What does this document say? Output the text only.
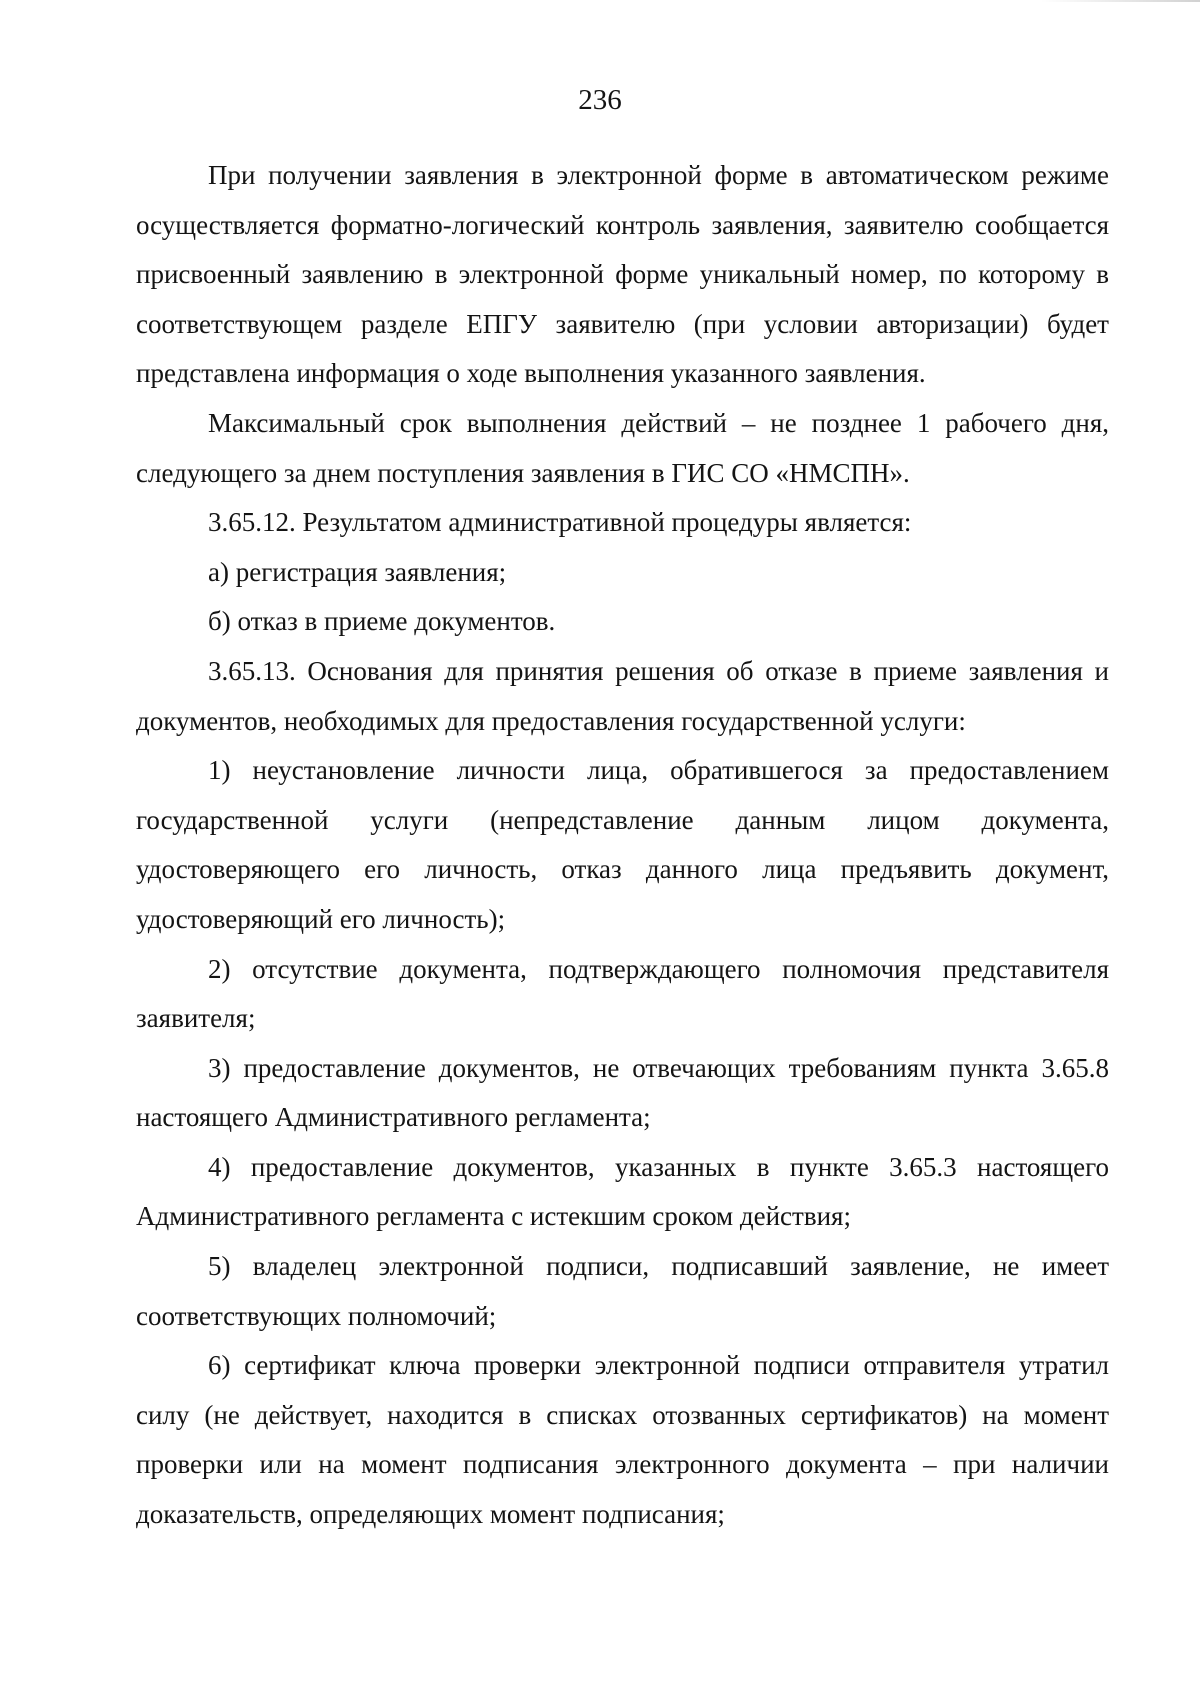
236

При получении заявления в электронной форме в автоматическом режиме осуществляется форматно-логический контроль заявления, заявителю сообщается присвоенный заявлению в электронной форме уникальный номер, по которому в соответствующем разделе ЕПГУ заявителю (при условии авторизации) будет представлена информация о ходе выполнения указанного заявления.

Максимальный срок выполнения действий – не позднее 1 рабочего дня, следующего за днем поступления заявления в ГИС СО «НМСПН».

3.65.12. Результатом административной процедуры является:

а) регистрация заявления;

б) отказ в приеме документов.

3.65.13. Основания для принятия решения об отказе в приеме заявления и документов, необходимых для предоставления государственной услуги:

1) неустановление личности лица, обратившегося за предоставлением государственной услуги (непредставление данным лицом документа, удостоверяющего его личность, отказ данного лица предъявить документ, удостоверяющий его личность);

2) отсутствие документа, подтверждающего полномочия представителя заявителя;

3) предоставление документов, не отвечающих требованиям пункта 3.65.8 настоящего Административного регламента;

4) предоставление документов, указанных в пункте 3.65.3 настоящего Административного регламента с истекшим сроком действия;

5) владелец электронной подписи, подписавший заявление, не имеет соответствующих полномочий;

6) сертификат ключа проверки электронной подписи отправителя утратил силу (не действует, находится в списках отозванных сертификатов) на момент проверки или на момент подписания электронного документа – при наличии доказательств, определяющих момент подписания;
